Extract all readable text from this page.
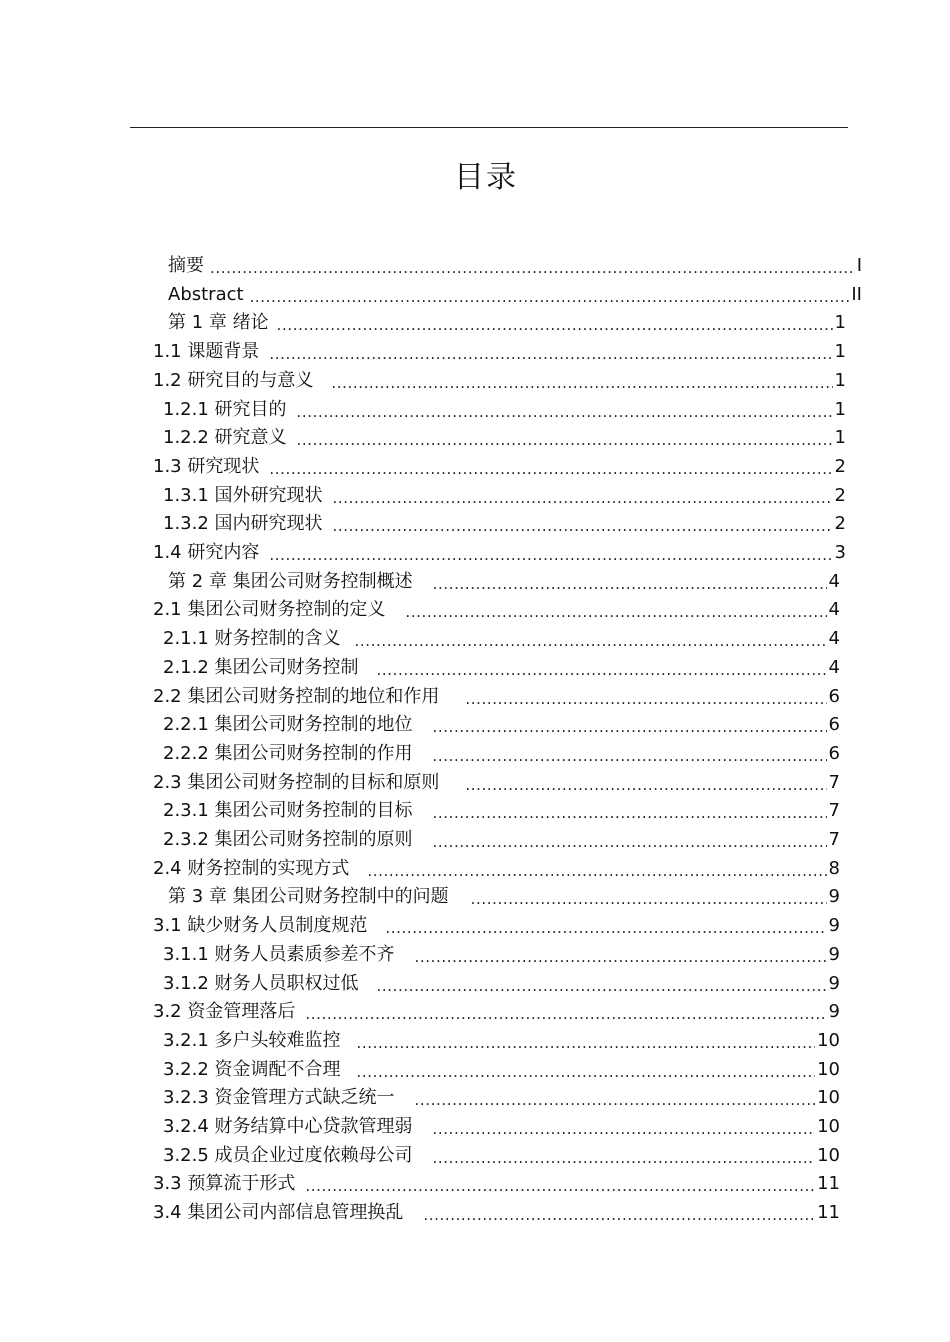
目录
摘要 .....	I
Abstract .....	II
第 1 章 绪论 .....	1
1.1 课题背景 .....	1
1.2 研究目的与意义 .....	1
1.2.1 研究目的 .....	1
1.2.2 研究意义 .....	1
1.3 研究现状 .....	2
1.3.1 国外研究现状 .....	2
1.3.2 国内研究现状 .....	2
1.4 研究内容 .....	3
第 2 章 集团公司财务控制概述 .....	4
2.1 集团公司财务控制的定义 .....	4
2.1.1 财务控制的含义 .....	4
2.1.2 集团公司财务控制 .....	4
2.2 集团公司财务控制的地位和作用 .....	6
2.2.1 集团公司财务控制的地位 .....	6
2.2.2 集团公司财务控制的作用 .....	6
2.3 集团公司财务控制的目标和原则 .....	7
2.3.1 集团公司财务控制的目标 .....	7
2.3.2 集团公司财务控制的原则 .....	7
2.4 财务控制的实现方式 .....	8
第 3 章 集团公司财务控制中的问题 .....	9
3.1 缺少财务人员制度规范 .....	9
3.1.1 财务人员素质参差不齐 .....	9
3.1.2 财务人员职权过低 .....	9
3.2 资金管理落后 .....	9
3.2.1 多户头较难监控 .....	10
3.2.2 资金调配不合理 .....	10
3.2.3 资金管理方式缺乏统一 .....	10
3.2.4 财务结算中心贷款管理弱 .....	10
3.2.5 成员企业过度依赖母公司 .....	10
3.3 预算流于形式 .....	11
3.4 集团公司内部信息管理换乱 .....	11
